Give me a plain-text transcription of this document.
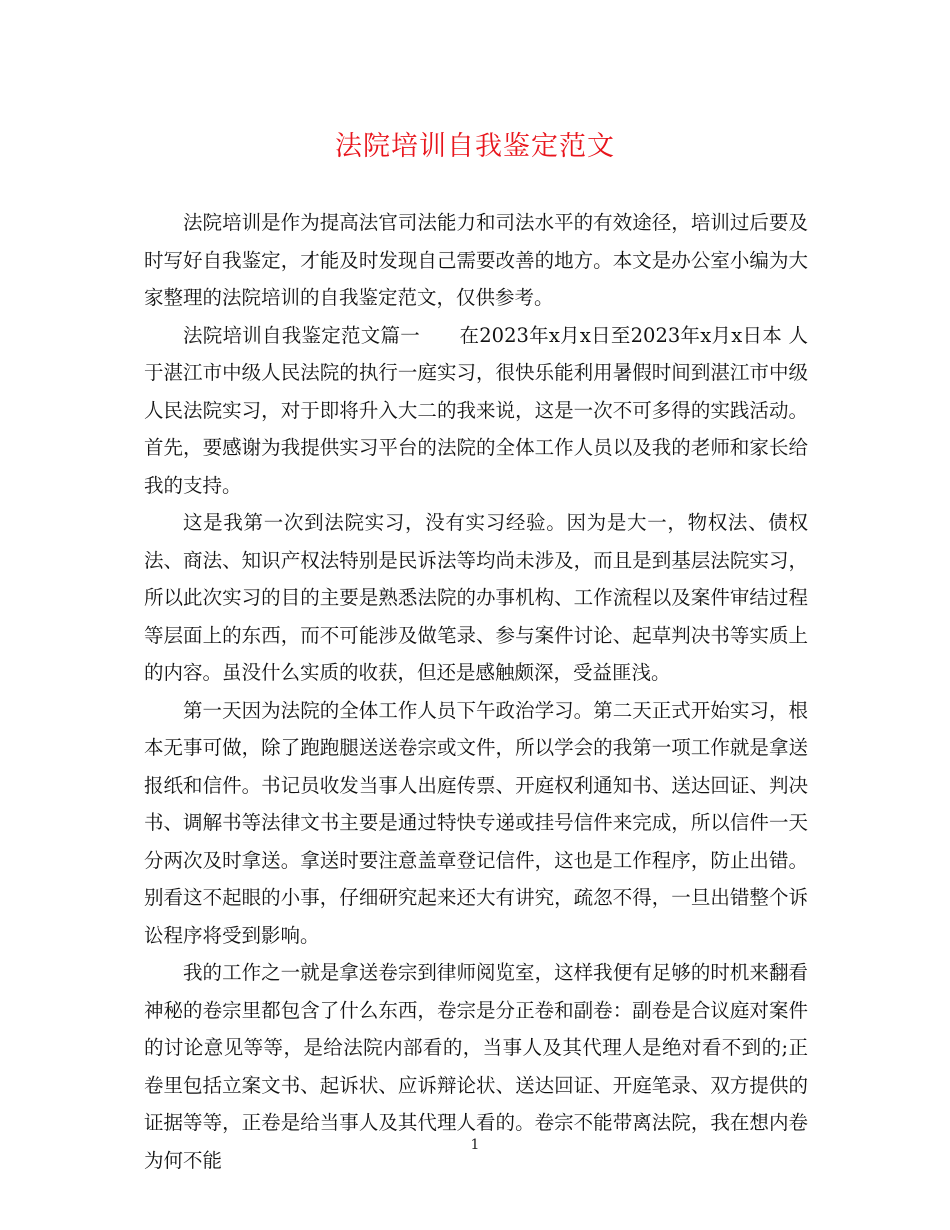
法院培训自我鉴定范文

法院培训是作为提高法官司法能力和司法水平的有效途径，培训过后要及时写好自我鉴定，才能及时发现自己需要改善的地方。本文是办公室小编为大家整理的法院培训的自我鉴定范文，仅供参考。

法院培训自我鉴定范文篇一　　在2023年x月x日至2023年x月x日本 人于湛江市中级人民法院的执行一庭实习，很快乐能利用暑假时间到湛江市中级人民法院实习，对于即将升入大二的我来说，这是一次不可多得的实践活动。首先，要感谢为我提供实习平台的法院的全体工作人员以及我的老师和家长给我的支持。

这是我第一次到法院实习，没有实习经验。因为是大一，物权法、债权法、商法、知识产权法特别是民诉法等均尚未涉及，而且是到基层法院实习，所以此次实习的目的主要是熟悉法院的办事机构、工作流程以及案件审结过程等层面上的东西，而不可能涉及做笔录、参与案件讨论、起草判决书等实质上的内容。虽没什么实质的收获，但还是感触颇深，受益匪浅。

第一天因为法院的全体工作人员下午政治学习。第二天正式开始实习，根本无事可做，除了跑跑腿送送卷宗或文件，所以学会的我第一项工作就是拿送报纸和信件。书记员收发当事人出庭传票、开庭权利通知书、送达回证、判决书、调解书等法律文书主要是通过特快专递或挂号信件来完成，所以信件一天分两次及时拿送。拿送时要注意盖章登记信件，这也是工作程序，防止出错。别看这不起眼的小事，仔细研究起来还大有讲究，疏忽不得，一旦出错整个诉讼程序将受到影响。

我的工作之一就是拿送卷宗到律师阅览室，这样我便有足够的时机来翻看神秘的卷宗里都包含了什么东西，卷宗是分正卷和副卷：副卷是合议庭对案件的讨论意见等等，是给法院内部看的，当事人及其代理人是绝对看不到的;正卷里包括立案文书、起诉状、应诉辩论状、送达回证、开庭笔录、双方提供的证据等等，正卷是给当事人及其代理人看的。卷宗不能带离法院，我在想内卷为何不能

1
